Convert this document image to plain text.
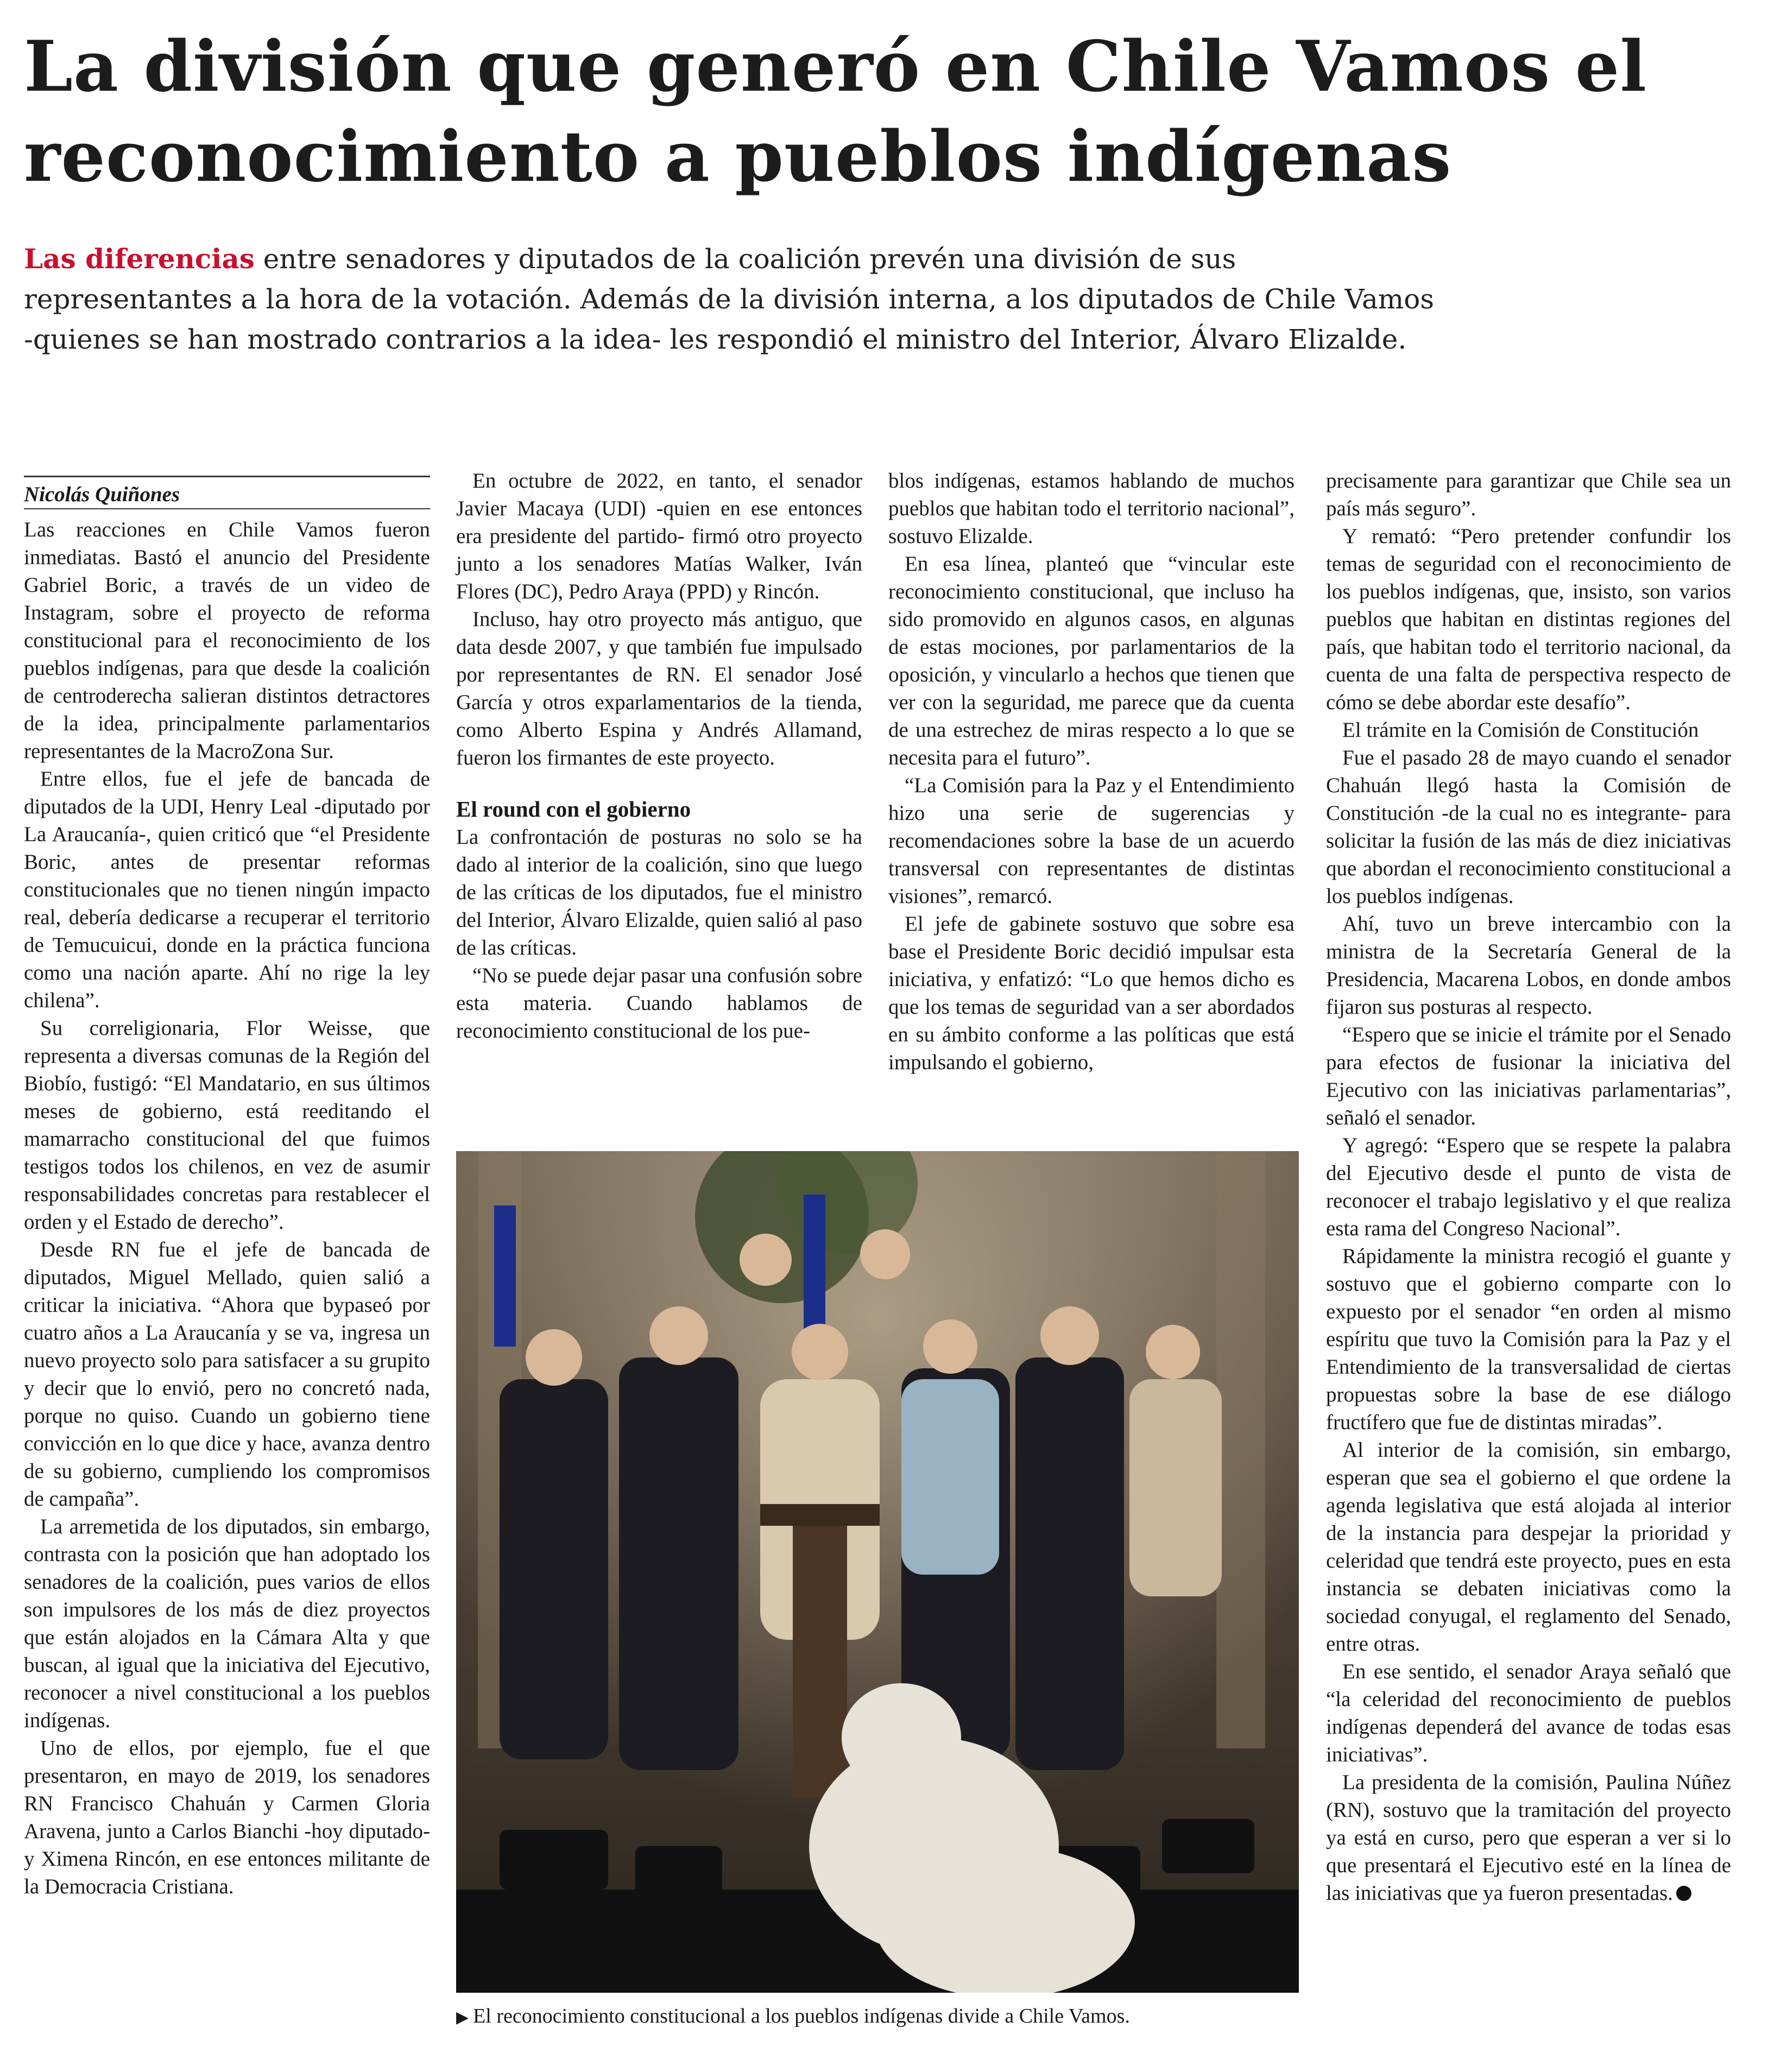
La división que generó en Chile Vamos el reconocimiento a pueblos indígenas
Las diferencias entre senadores y diputados de la coalición prevén una división de sus representantes a la hora de la votación. Además de la división interna, a los diputados de Chile Vamos -quienes se han mostrado contrarios a la idea- les respondió el ministro del Interior, Álvaro Elizalde.

Nicolás Quiñones

Las reacciones en Chile Vamos fueron inmediatas. Bastó el anuncio del Presidente Gabriel Boric, a través de un video de Instagram, sobre el proyecto de reforma constitucional para el reconocimiento de los pueblos indígenas, para que desde la coalición de centroderecha salieran distintos detractores de la idea, principalmente parlamentarios representantes de la MacroZona Sur.

Entre ellos, fue el jefe de bancada de diputados de la UDI, Henry Leal -diputado por La Araucanía-, quien criticó que “el Presidente Boric, antes de presentar reformas constitucionales que no tienen ningún impacto real, debería dedicarse a recuperar el territorio de Temucuicui, donde en la práctica funciona como una nación aparte. Ahí no rige la ley chilena”.

Su correligionaria, Flor Weisse, que representa a diversas comunas de la Región del Biobío, fustigó: “El Mandatario, en sus últimos meses de gobierno, está reeditando el mamarracho constitucional del que fuimos testigos todos los chilenos, en vez de asumir responsabilidades concretas para restablecer el orden y el Estado de derecho”.

Desde RN fue el jefe de bancada de diputados, Miguel Mellado, quien salió a criticar la iniciativa. “Ahora que bypaseó por cuatro años a La Araucanía y se va, ingresa un nuevo proyecto solo para satisfacer a su grupito y decir que lo envió, pero no concretó nada, porque no quiso. Cuando un gobierno tiene convicción en lo que dice y hace, avanza dentro de su gobierno, cumpliendo los compromisos de campaña”.

La arremetida de los diputados, sin embargo, contrasta con la posición que han adoptado los senadores de la coalición, pues varios de ellos son impulsores de los más de diez proyectos que están alojados en la Cámara Alta y que buscan, al igual que la iniciativa del Ejecutivo, reconocer a nivel constitucional a los pueblos indígenas.

Uno de ellos, por ejemplo, fue el que presentaron, en mayo de 2019, los senadores RN Francisco Chahuán y Carmen Gloria Aravena, junto a Carlos Bianchi -hoy diputado- y Ximena Rincón, en ese entonces militante de la Democracia Cristiana.

En octubre de 2022, en tanto, el senador Javier Macaya (UDI) -quien en ese entonces era presidente del partido- firmó otro proyecto junto a los senadores Matías Walker, Iván Flores (DC), Pedro Araya (PPD) y Rincón.

Incluso, hay otro proyecto más antiguo, que data desde 2007, y que también fue impulsado por representantes de RN. El senador José García y otros exparlamentarios de la tienda, como Alberto Espina y Andrés Allamand, fueron los firmantes de este proyecto.

El round con el gobierno

La confrontación de posturas no solo se ha dado al interior de la coalición, sino que luego de las críticas de los diputados, fue el ministro del Interior, Álvaro Elizalde, quien salió al paso de las críticas.

“No se puede dejar pasar una confusión sobre esta materia. Cuando hablamos de reconocimiento constitucional de los pue-

blos indígenas, estamos hablando de muchos pueblos que habitan todo el territorio nacional”, sostuvo Elizalde.

En esa línea, planteó que “vincular este reconocimiento constitucional, que incluso ha sido promovido en algunos casos, en algunas de estas mociones, por parlamentarios de la oposición, y vincularlo a hechos que tienen que ver con la seguridad, me parece que da cuenta de una estrechez de miras respecto a lo que se necesita para el futuro”.

“La Comisión para la Paz y el Entendimiento hizo una serie de sugerencias y recomendaciones sobre la base de un acuerdo transversal con representantes de distintas visiones”, remarcó.

El jefe de gabinete sostuvo que sobre esa base el Presidente Boric decidió impulsar esta iniciativa, y enfatizó: “Lo que hemos dicho es que los temas de seguridad van a ser abordados en su ámbito conforme a las políticas que está impulsando el gobierno,

precisamente para garantizar que Chile sea un país más seguro”.

Y remató: “Pero pretender confundir los temas de seguridad con el reconocimiento de los pueblos indígenas, que, insisto, son varios pueblos que habitan en distintas regiones del país, que habitan todo el territorio nacional, da cuenta de una falta de perspectiva respecto de cómo se debe abordar este desafío”.

El trámite en la Comisión de Constitución

Fue el pasado 28 de mayo cuando el senador Chahuán llegó hasta la Comisión de Constitución -de la cual no es integrante- para solicitar la fusión de las más de diez iniciativas que abordan el reconocimiento constitucional a los pueblos indígenas.

Ahí, tuvo un breve intercambio con la ministra de la Secretaría General de la Presidencia, Macarena Lobos, en donde ambos fijaron sus posturas al respecto.

“Espero que se inicie el trámite por el Senado para efectos de fusionar la iniciativa del Ejecutivo con las iniciativas parlamentarias”, señaló el senador.

Y agregó: “Espero que se respete la palabra del Ejecutivo desde el punto de vista de reconocer el trabajo legislativo y el que realiza esta rama del Congreso Nacional”.

Rápidamente la ministra recogió el guante y sostuvo que el gobierno comparte con lo expuesto por el senador “en orden al mismo espíritu que tuvo la Comisión para la Paz y el Entendimiento de la transversalidad de ciertas propuestas sobre la base de ese diálogo fructífero que fue de distintas miradas”.

Al interior de la comisión, sin embargo, esperan que sea el gobierno el que ordene la agenda legislativa que está alojada al interior de la instancia para despejar la prioridad y celeridad que tendrá este proyecto, pues en esta instancia se debaten iniciativas como la sociedad conyugal, el reglamento del Senado, entre otras.

En ese sentido, el senador Araya señaló que “la celeridad del reconocimiento de pueblos indígenas dependerá del avance de todas esas iniciativas”.

La presidenta de la comisión, Paulina Núñez (RN), sostuvo que la tramitación del proyecto ya está en curso, pero que esperan a ver si lo que presentará el Ejecutivo esté en la línea de las iniciativas que ya fueron presentadas.

▶ El reconocimiento constitucional a los pueblos indígenas divide a Chile Vamos.
